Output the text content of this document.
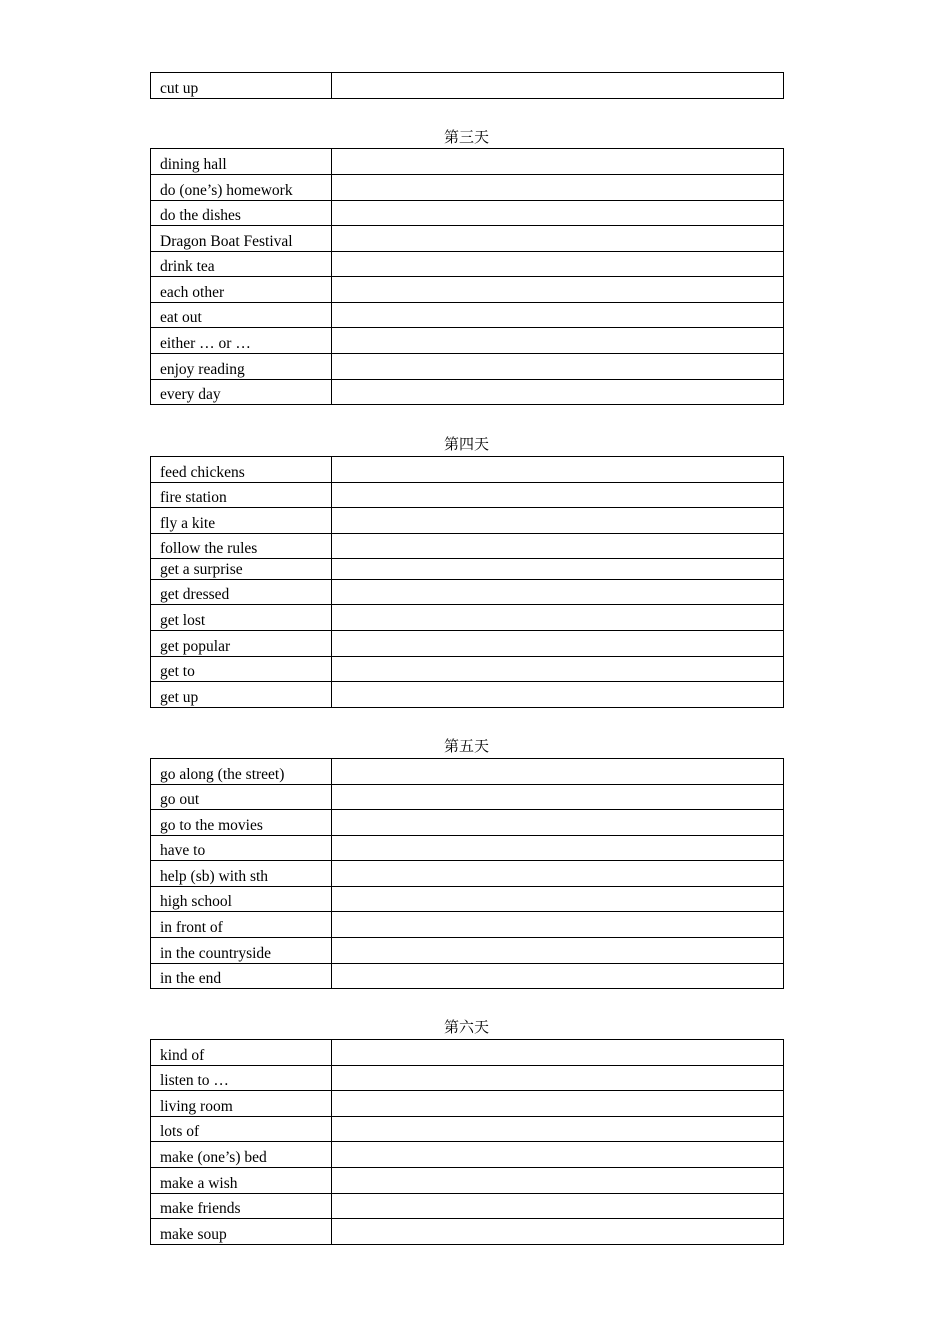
cut up	
第三天
dining hall	
do (one’s) homework	
do the dishes	
Dragon Boat Festival	
drink tea	
each other	
eat out	
either … or …	
enjoy reading	
every day	
第四天
feed chickens	
fire station	
fly a kite	
follow the rules	
get a surprise	
get dressed	
get lost	
get popular	
get to	
get up	
第五天
go along (the street)	
go out	
go to the movies	
have to	
help (sb) with sth	
high school	
in front of	
in the countryside	
in the end	
第六天
kind of	
listen to …	
living room	
lots of	
make (one’s) bed	
make a wish	
make friends	
make soup	
